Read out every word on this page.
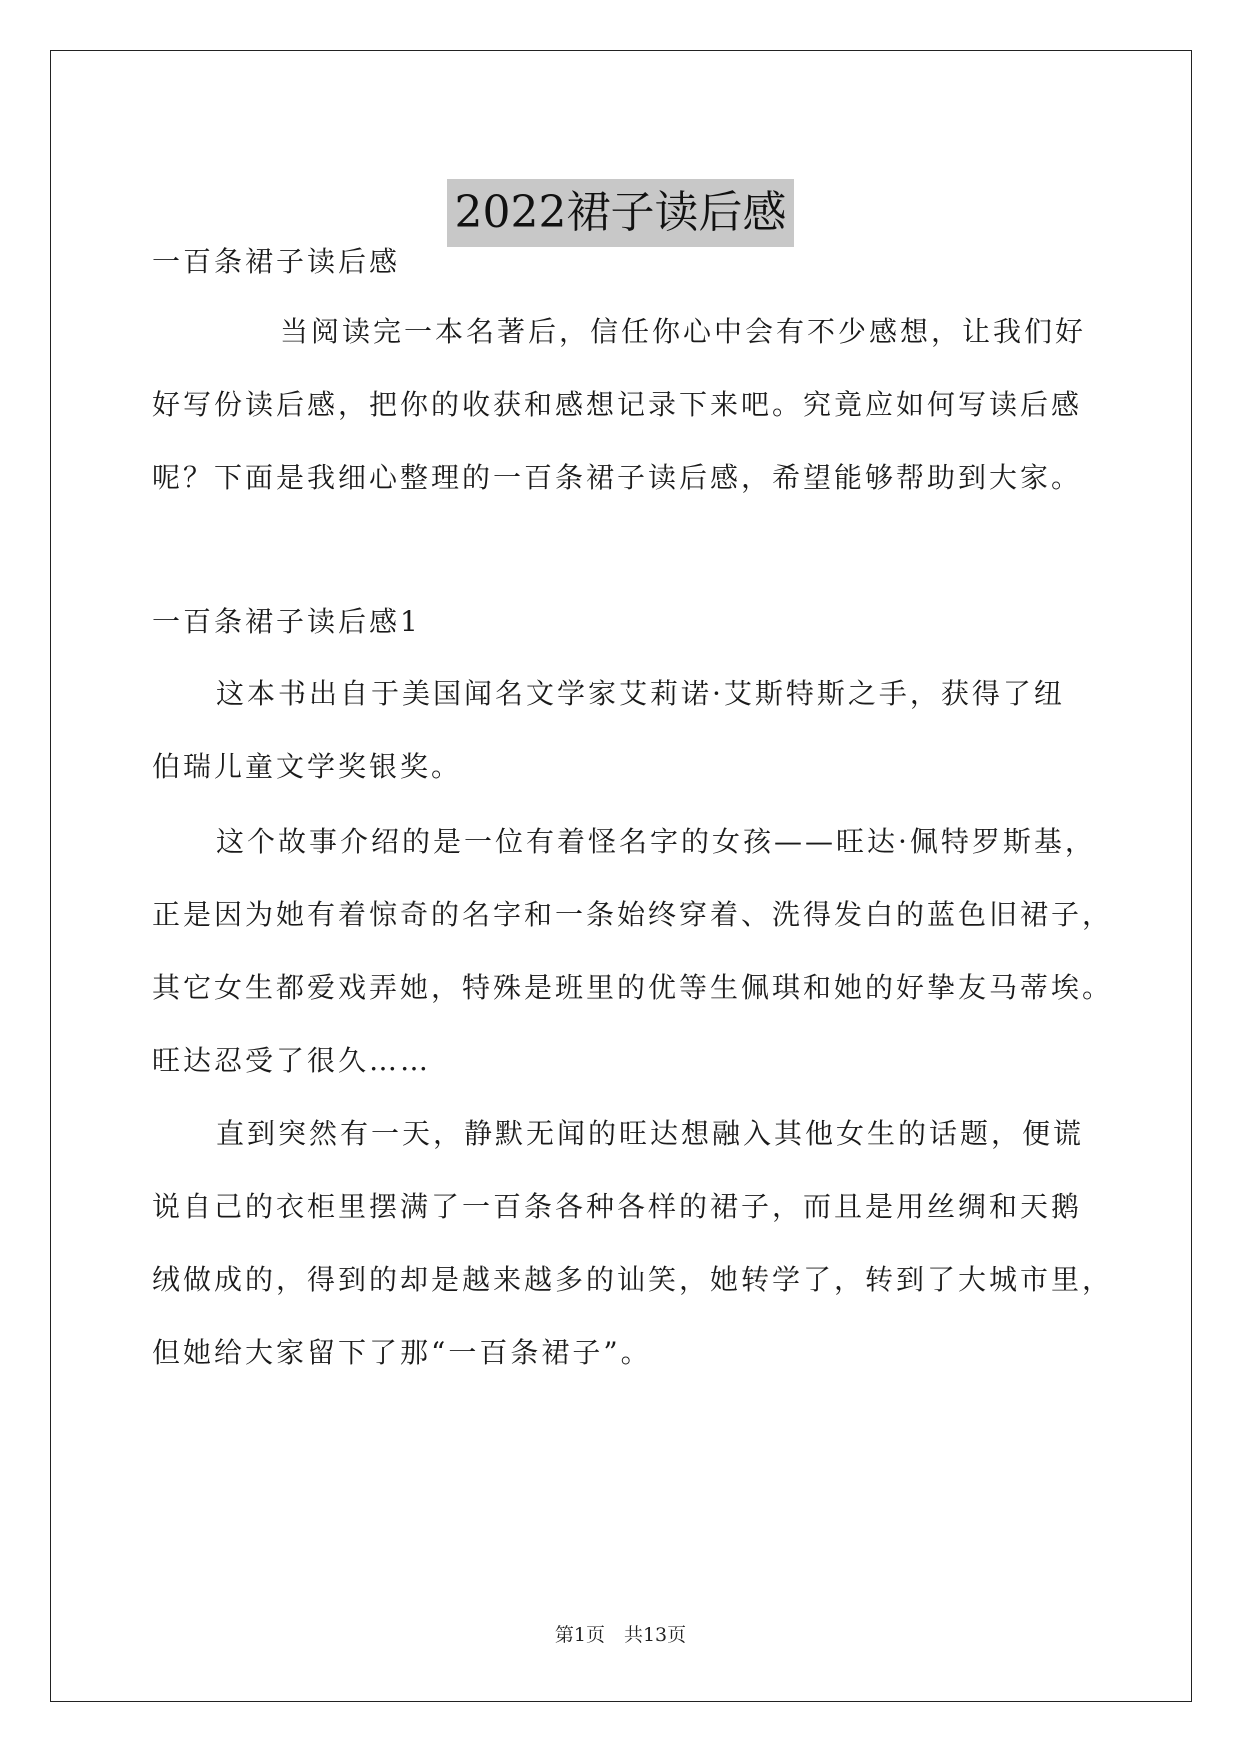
2022裙子读后感
一百条裙子读后感
当阅读完一本名著后，信任你心中会有不少感想，让我们好
好写份读后感，把你的收获和感想记录下来吧。究竟应如何写读后感
呢？下面是我细心整理的一百条裙子读后感，希望能够帮助到大家。
一百条裙子读后感1
这本书出自于美国闻名文学家艾莉诺·艾斯特斯之手，获得了纽
伯瑞儿童文学奖银奖。
这个故事介绍的是一位有着怪名字的女孩——旺达·佩特罗斯基，
正是因为她有着惊奇的名字和一条始终穿着、洗得发白的蓝色旧裙子，
其它女生都爱戏弄她，特殊是班里的优等生佩琪和她的好挚友马蒂埃。
旺达忍受了很久……
直到突然有一天，静默无闻的旺达想融入其他女生的话题，便谎
说自己的衣柜里摆满了一百条各种各样的裙子，而且是用丝绸和天鹅
绒做成的，得到的却是越来越多的讪笑，她转学了，转到了大城市里，
但她给大家留下了那“一百条裙子”。
第1页　共13页
